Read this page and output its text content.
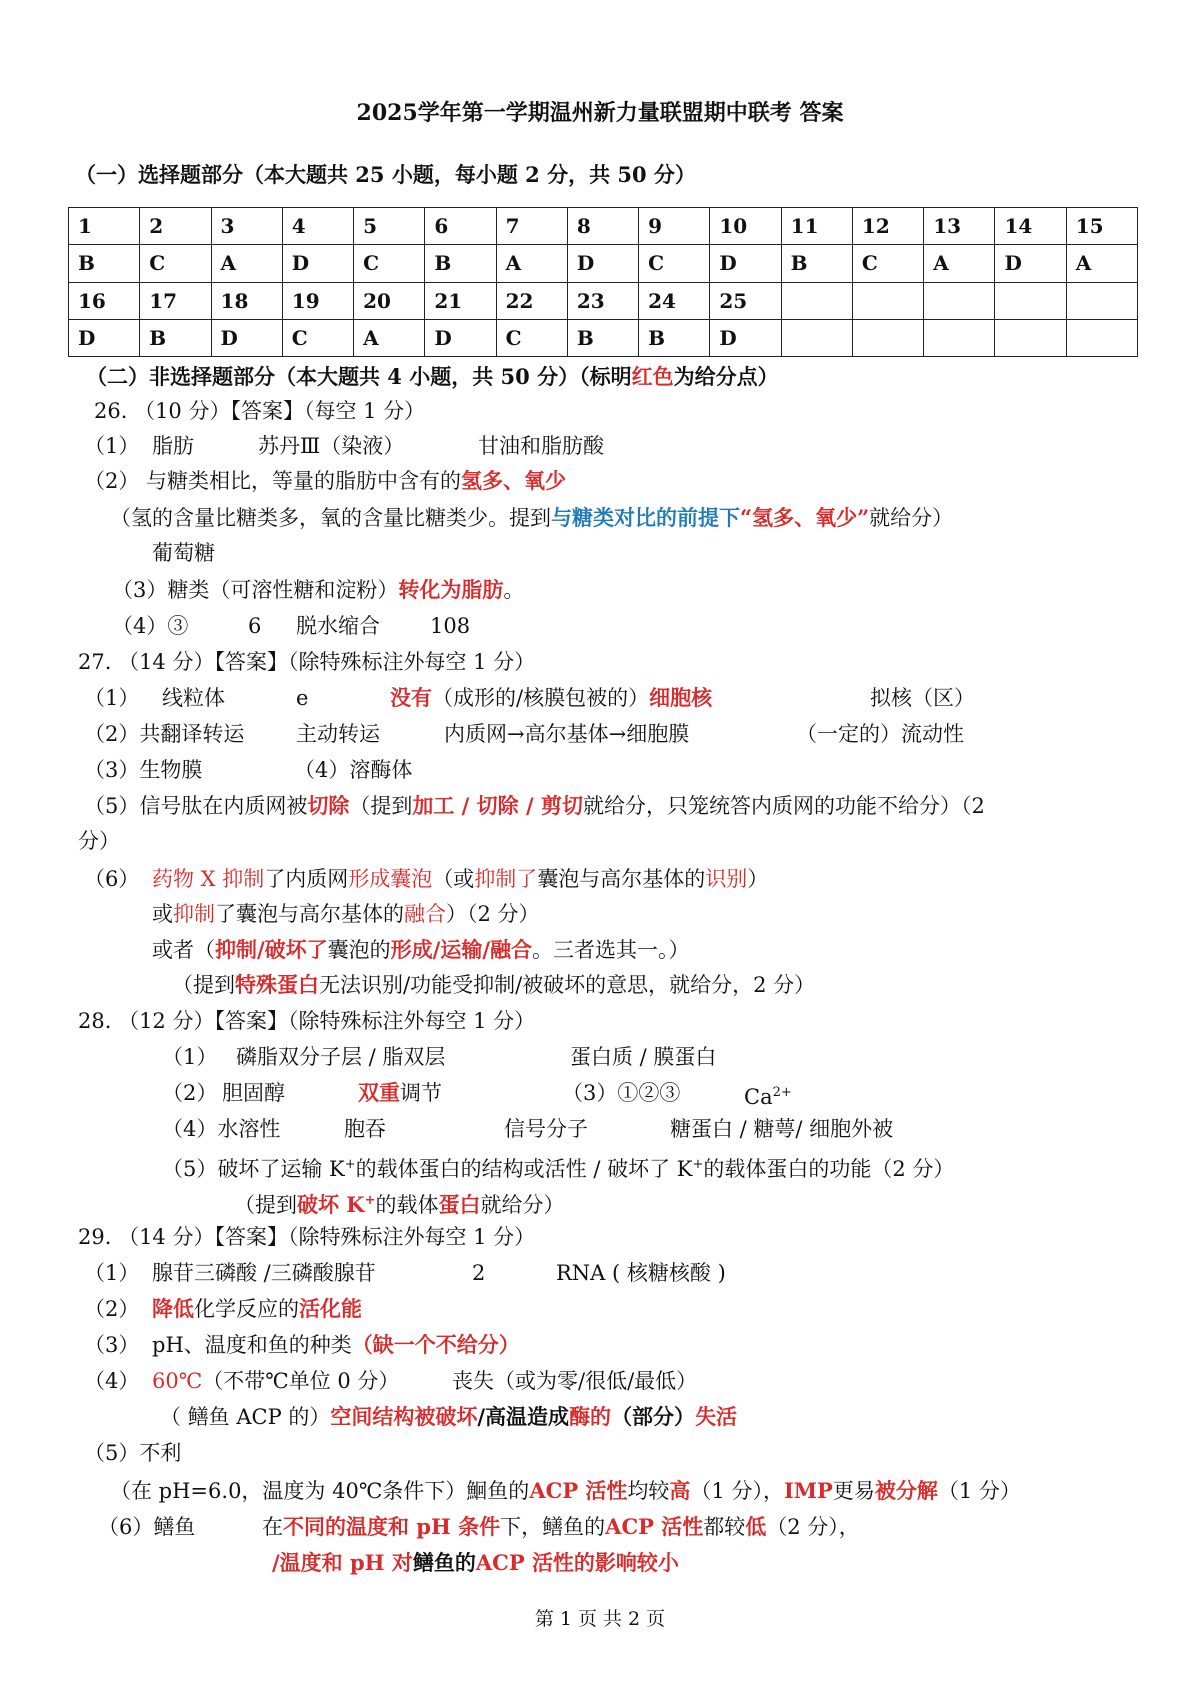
2025学年第一学期温州新力量联盟期中联考 答案
（一）选择题部分（本大题共 25 小题，每小题 2 分，共 50 分）
1	2	3	4	5	6	7	8	9	10	11	12	13	14	15
B	C	A	D	C	B	A	D	C	D	B	C	A	D	A
16	17	18	19	20	21	22	23	24	25					
D	B	D	C	A	D	C	B	B	D					
（二）非选择题部分（本大题共 4 小题，共 50 分）（标明红色为给分点）
26. （10 分）【答案】（每空 1 分）
（1） 脂肪	苏丹Ⅲ（染液）	甘油和脂肪酸
（2） 与糖类相比，等量的脂肪中含有的氢多、氧少
（氢的含量比糖类多，氧的含量比糖类少。提到与糖类对比的前提下“氢多、氧少”就给分）
葡萄糖
（3）糖类（可溶性糖和淀粉）转化为脂肪。
（4）③	6 脱水缩合 108
27. （14 分）【答案】（除特殊标注外每空 1 分）
（1） 线粒体	e	没有（成形的/核膜包被的）细胞核	拟核（区）
（2）共翻译转运 主动转运	内质网→高尔基体→细胞膜	（一定的）流动性
（3）生物膜	（4）溶酶体
（5）信号肽在内质网被切除（提到加工 / 切除 / 剪切就给分，只笼统答内质网的功能不给分）（2
分）
（6） 药物 X 抑制了内质网形成囊泡（或抑制了囊泡与高尔基体的识别）
或抑制了囊泡与高尔基体的融合）（2 分）
或者（抑制/破坏了囊泡的形成/运输/融合。三者选其一。）
（提到特殊蛋白无法识别/功能受抑制/被破坏的意思，就给分，2 分）
28. （12 分）【答案】（除特殊标注外每空 1 分）
（1） 磷脂双分子层 / 脂双层	蛋白质 / 膜蛋白
（2） 胆固醇	双重调节	（3）①②③	$Ca^{2+}$
（4）水溶性	胞吞	信号分子	糖蛋白 / 糖萼/ 细胞外被
（5）破坏了运输 K+的载体蛋白的结构或活性 / 破坏了 K+的载体蛋白的功能（2 分）
（提到破坏 K+的载体蛋白就给分）
29. （14 分）【答案】（除特殊标注外每空 1 分）
（1） 腺苷三磷酸 /三磷酸腺苷	2	RNA ( 核糖核酸 )
（2） 降低化学反应的活化能
（3） pH、温度和鱼的种类（缺一个不给分）
（4） 60℃（不带℃单位 0 分）	丧失（或为零/很低/最低）
（ 鳝鱼 ACP 的）空间结构被破坏/高温造成酶的（部分）失活
（5）不利
（在 pH=6.0，温度为 40℃条件下）鮰鱼的ACP 活性均较高（1 分），IMP更易被分解（1 分）
（6）鳝鱼	在不同的温度和 pH 条件下，鳝鱼的ACP 活性都较低（2 分），
/温度和 pH 对鳝鱼的ACP 活性的影响较小
第 1 页 共 2 页
